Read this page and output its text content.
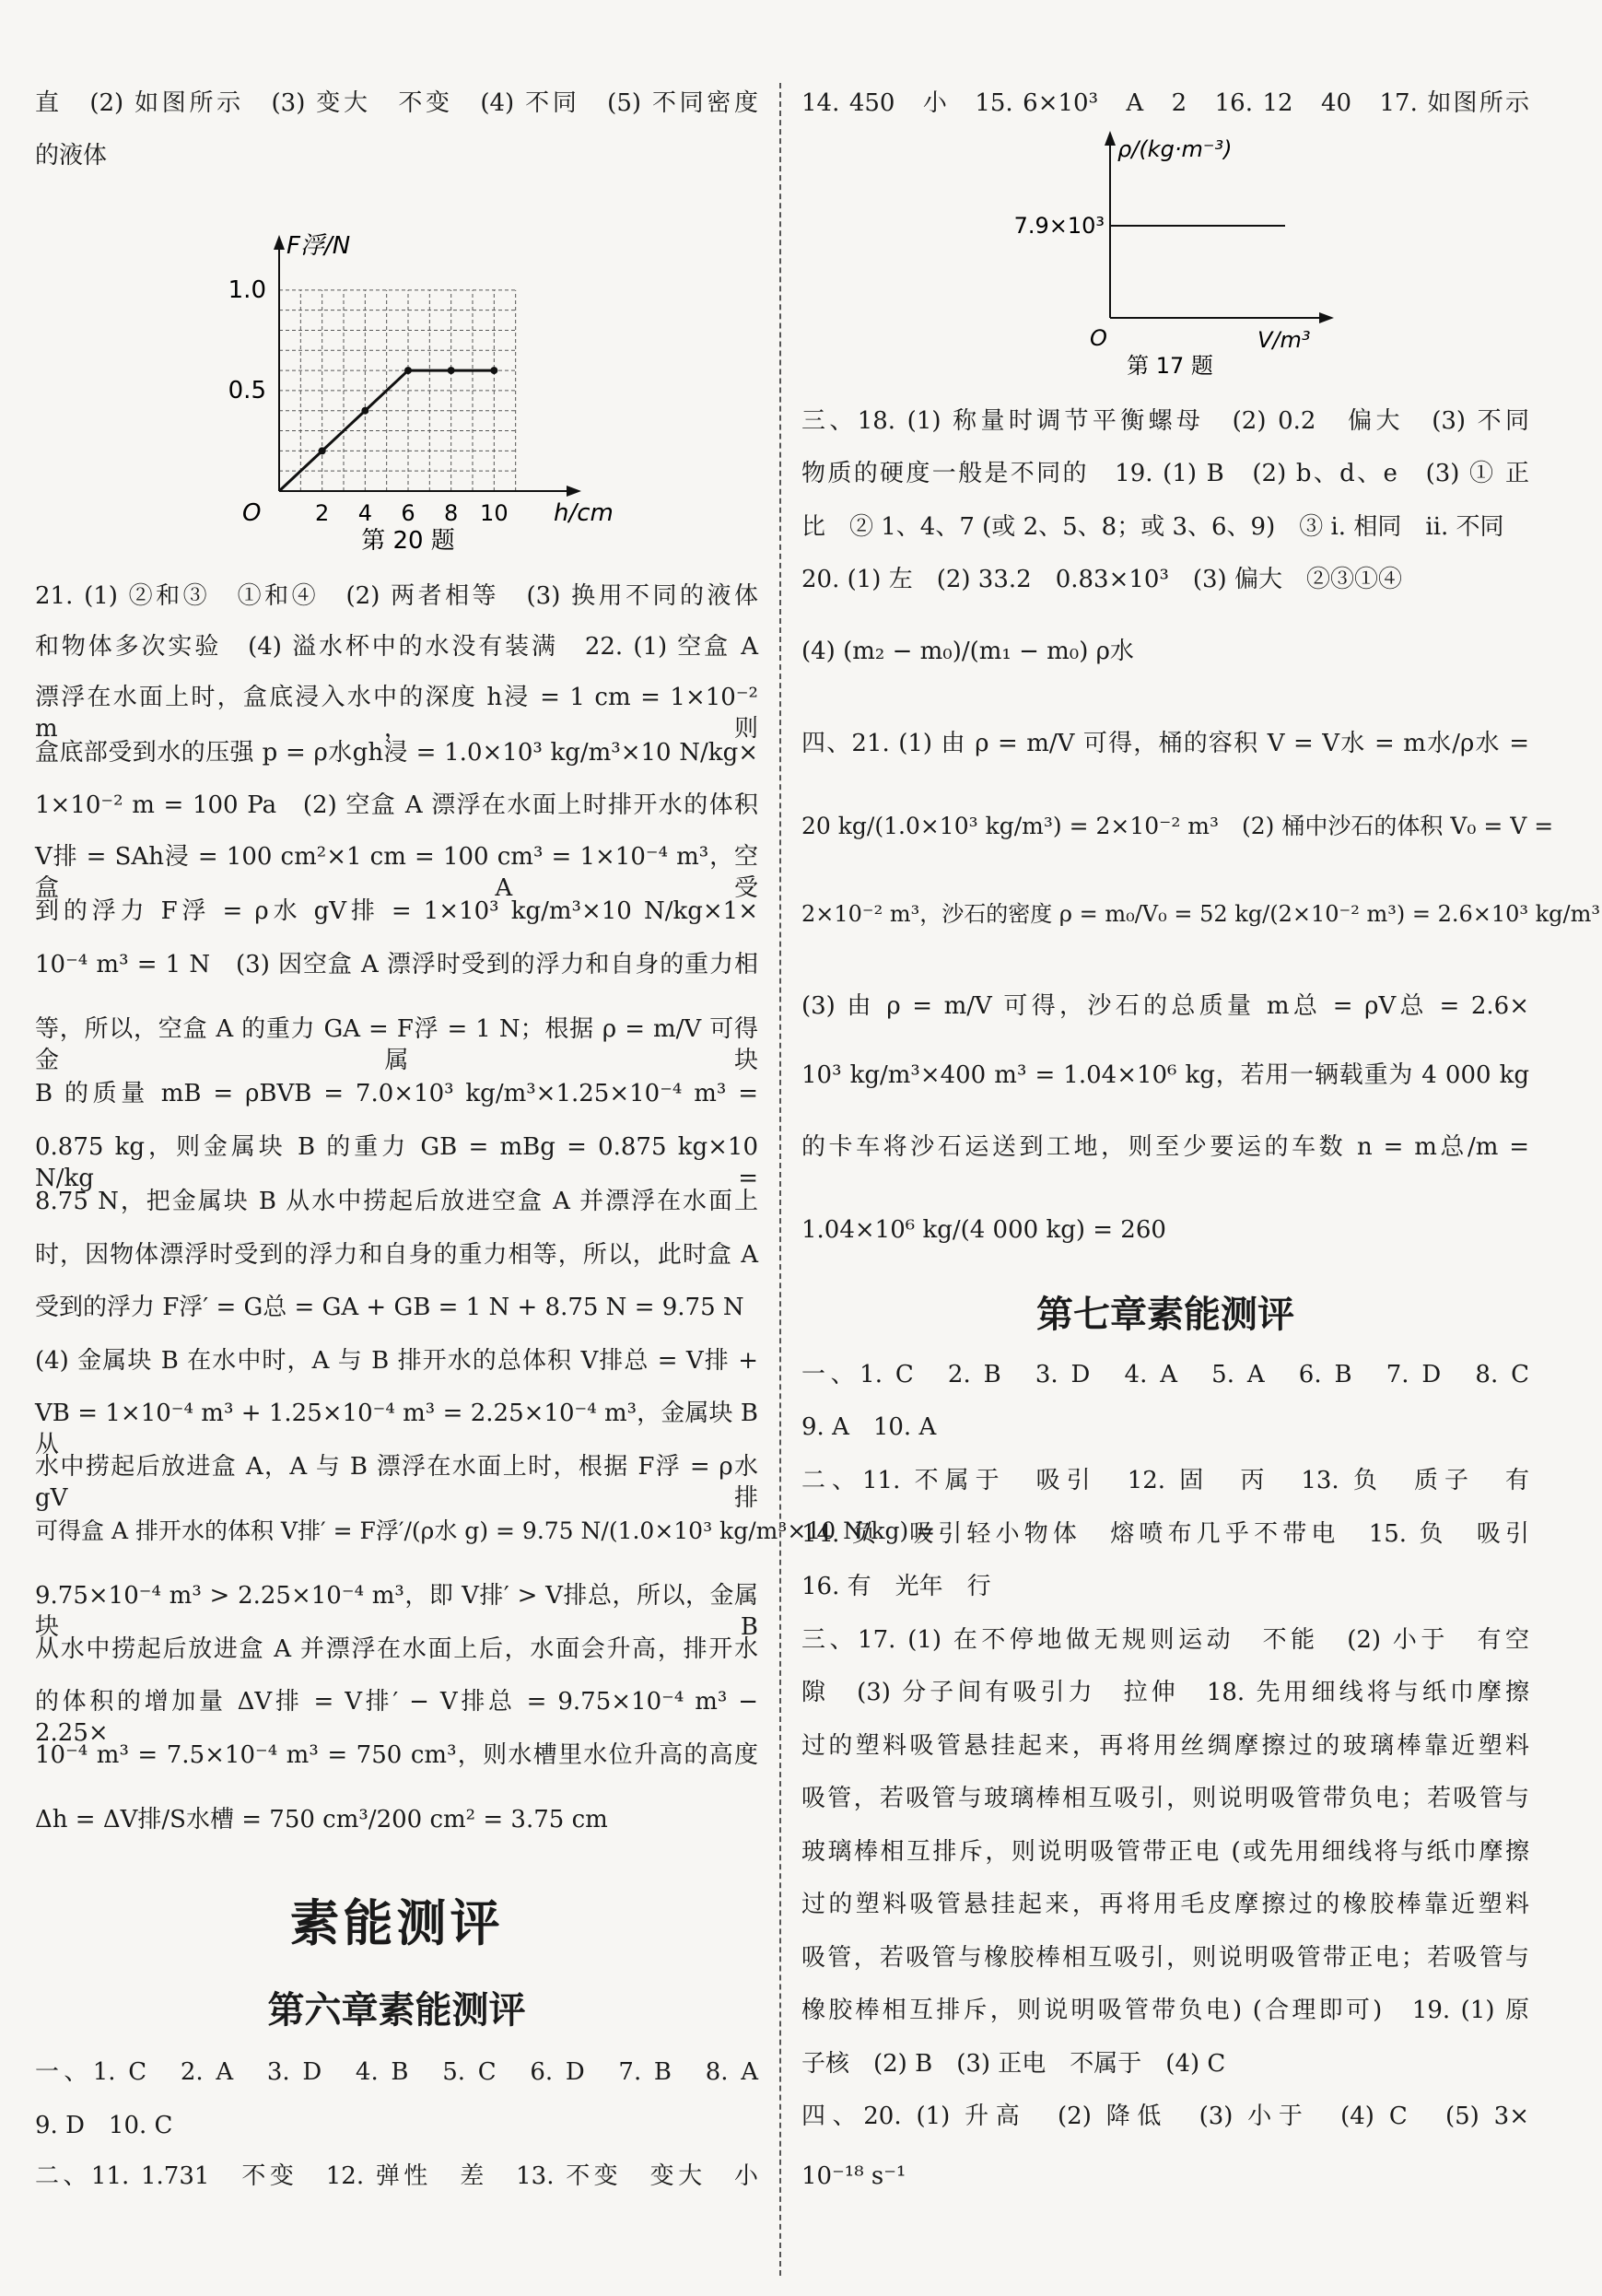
直　(2) 如图所示　(3) 变大　不变　(4) 不同　(5) 不同密度
的液体
2 4 6 8 10
0.5
1.0
O
F浮/N
h/cm
第 20 题
21. (1) ②和③　①和④　(2) 两者相等　(3) 换用不同的液体
和物体多次实验　(4) 溢水杯中的水没有装满　22. (1) 空盒 A
漂浮在水面上时，盒底浸入水中的深度 h浸 = 1 cm = 1×10⁻² m，则
盒底部受到水的压强 p = ρ水gh浸 = 1.0×10³ kg/m³×10 N/kg×
1×10⁻² m = 100 Pa　(2) 空盒 A 漂浮在水面上时排开水的体积
V排 = SAh浸 = 100 cm²×1 cm = 100 cm³ = 1×10⁻⁴ m³，空盒 A 受
到的浮力 F浮 = ρ水 gV排 = 1×10³ kg/m³×10 N/kg×1×
10⁻⁴ m³ = 1 N　(3) 因空盒 A 漂浮时受到的浮力和自身的重力相
等，所以，空盒 A 的重力 GA = F浮 = 1 N；根据 ρ = m/V 可得金属块
B 的质量 mB = ρBVB = 7.0×10³ kg/m³×1.25×10⁻⁴ m³ =
0.875 kg，则金属块 B 的重力 GB = mBg = 0.875 kg×10 N/kg =
8.75 N，把金属块 B 从水中捞起后放进空盒 A 并漂浮在水面上
时，因物体漂浮时受到的浮力和自身的重力相等，所以，此时盒 A
受到的浮力 F浮′ = G总 = GA + GB = 1 N + 8.75 N = 9.75 N
(4) 金属块 B 在水中时，A 与 B 排开水的总体积 V排总 = V排 +
VB = 1×10⁻⁴ m³ + 1.25×10⁻⁴ m³ = 2.25×10⁻⁴ m³，金属块 B 从
水中捞起后放进盒 A，A 与 B 漂浮在水面上时，根据 F浮 = ρ水 gV排
可得盒 A 排开水的体积 V排′ = F浮′/(ρ水 g) = 9.75 N/(1.0×10³ kg/m³×10 N/kg) =
9.75×10⁻⁴ m³ > 2.25×10⁻⁴ m³，即 V排′ > V排总，所以，金属块 B
从水中捞起后放进盒 A 并漂浮在水面上后，水面会升高，排开水
的体积的增加量 ΔV排 = V排′ − V排总 = 9.75×10⁻⁴ m³ − 2.25×
10⁻⁴ m³ = 7.5×10⁻⁴ m³ = 750 cm³，则水槽里水位升高的高度
Δh = ΔV排/S水槽 = 750 cm³/200 cm² = 3.75 cm
素能测评
第六章素能测评
一、1. C　2. A　3. D　4. B　5. C　6. D　7. B　8. A
9. D　10. C
二、11. 1.731　不变　12. 弹性　差　13. 不变　变大　小
14. 450　小　15. 6×10³　A　2　16. 12　40　17. 如图所示
7.9×10³
ρ/(kg·m⁻³)
V/m³
O
第 17 题
三、18. (1) 称量时调节平衡螺母　(2) 0.2　偏大　(3) 不同
物质的硬度一般是不同的　19. (1) B　(2) b、d、e　(3) ① 正
比　② 1、4、7 (或 2、5、8；或 3、6、9)　③ ⅰ. 相同　ⅱ. 不同
20. (1) 左　(2) 33.2　0.83×10³　(3) 偏大　②③①④
(4) (m₂ − m₀)/(m₁ − m₀) ρ水
四、21. (1) 由 ρ = m/V 可得，桶的容积 V = V水 = m水/ρ水 =
20 kg/(1.0×10³ kg/m³) = 2×10⁻² m³　(2) 桶中沙石的体积 V₀ = V =
2×10⁻² m³，沙石的密度 ρ = m₀/V₀ = 52 kg/(2×10⁻² m³) = 2.6×10³ kg/m³
(3) 由 ρ = m/V 可得，沙石的总质量 m总 = ρV总 = 2.6×
10³ kg/m³×400 m³ = 1.04×10⁶ kg，若用一辆载重为 4 000 kg
的卡车将沙石运送到工地，则至少要运的车数 n = m总/m =
1.04×10⁶ kg/(4 000 kg) = 260
第七章素能测评
一、1. C　2. B　3. D　4. A　5. A　6. B　7. D　8. C
9. A　10. A
二、11. 不属于　吸引　12. 固　丙　13. 负　质子　有
14. 负　吸引轻小物体　熔喷布几乎不带电　15. 负　吸引
16. 有　光年　行
三、17. (1) 在不停地做无规则运动　不能　(2) 小于　有空
隙　(3) 分子间有吸引力　拉伸　18. 先用细线将与纸巾摩擦
过的塑料吸管悬挂起来，再将用丝绸摩擦过的玻璃棒靠近塑料
吸管，若吸管与玻璃棒相互吸引，则说明吸管带负电；若吸管与
玻璃棒相互排斥，则说明吸管带正电 (或先用细线将与纸巾摩擦
过的塑料吸管悬挂起来，再将用毛皮摩擦过的橡胶棒靠近塑料
吸管，若吸管与橡胶棒相互吸引，则说明吸管带正电；若吸管与
橡胶棒相互排斥，则说明吸管带负电) (合理即可)　19. (1) 原
子核　(2) B　(3) 正电　不属于　(4) C
四、20. (1) 升高　(2) 降低　(3) 小于　(4) C　(5) 3×
10⁻¹⁸ s⁻¹
